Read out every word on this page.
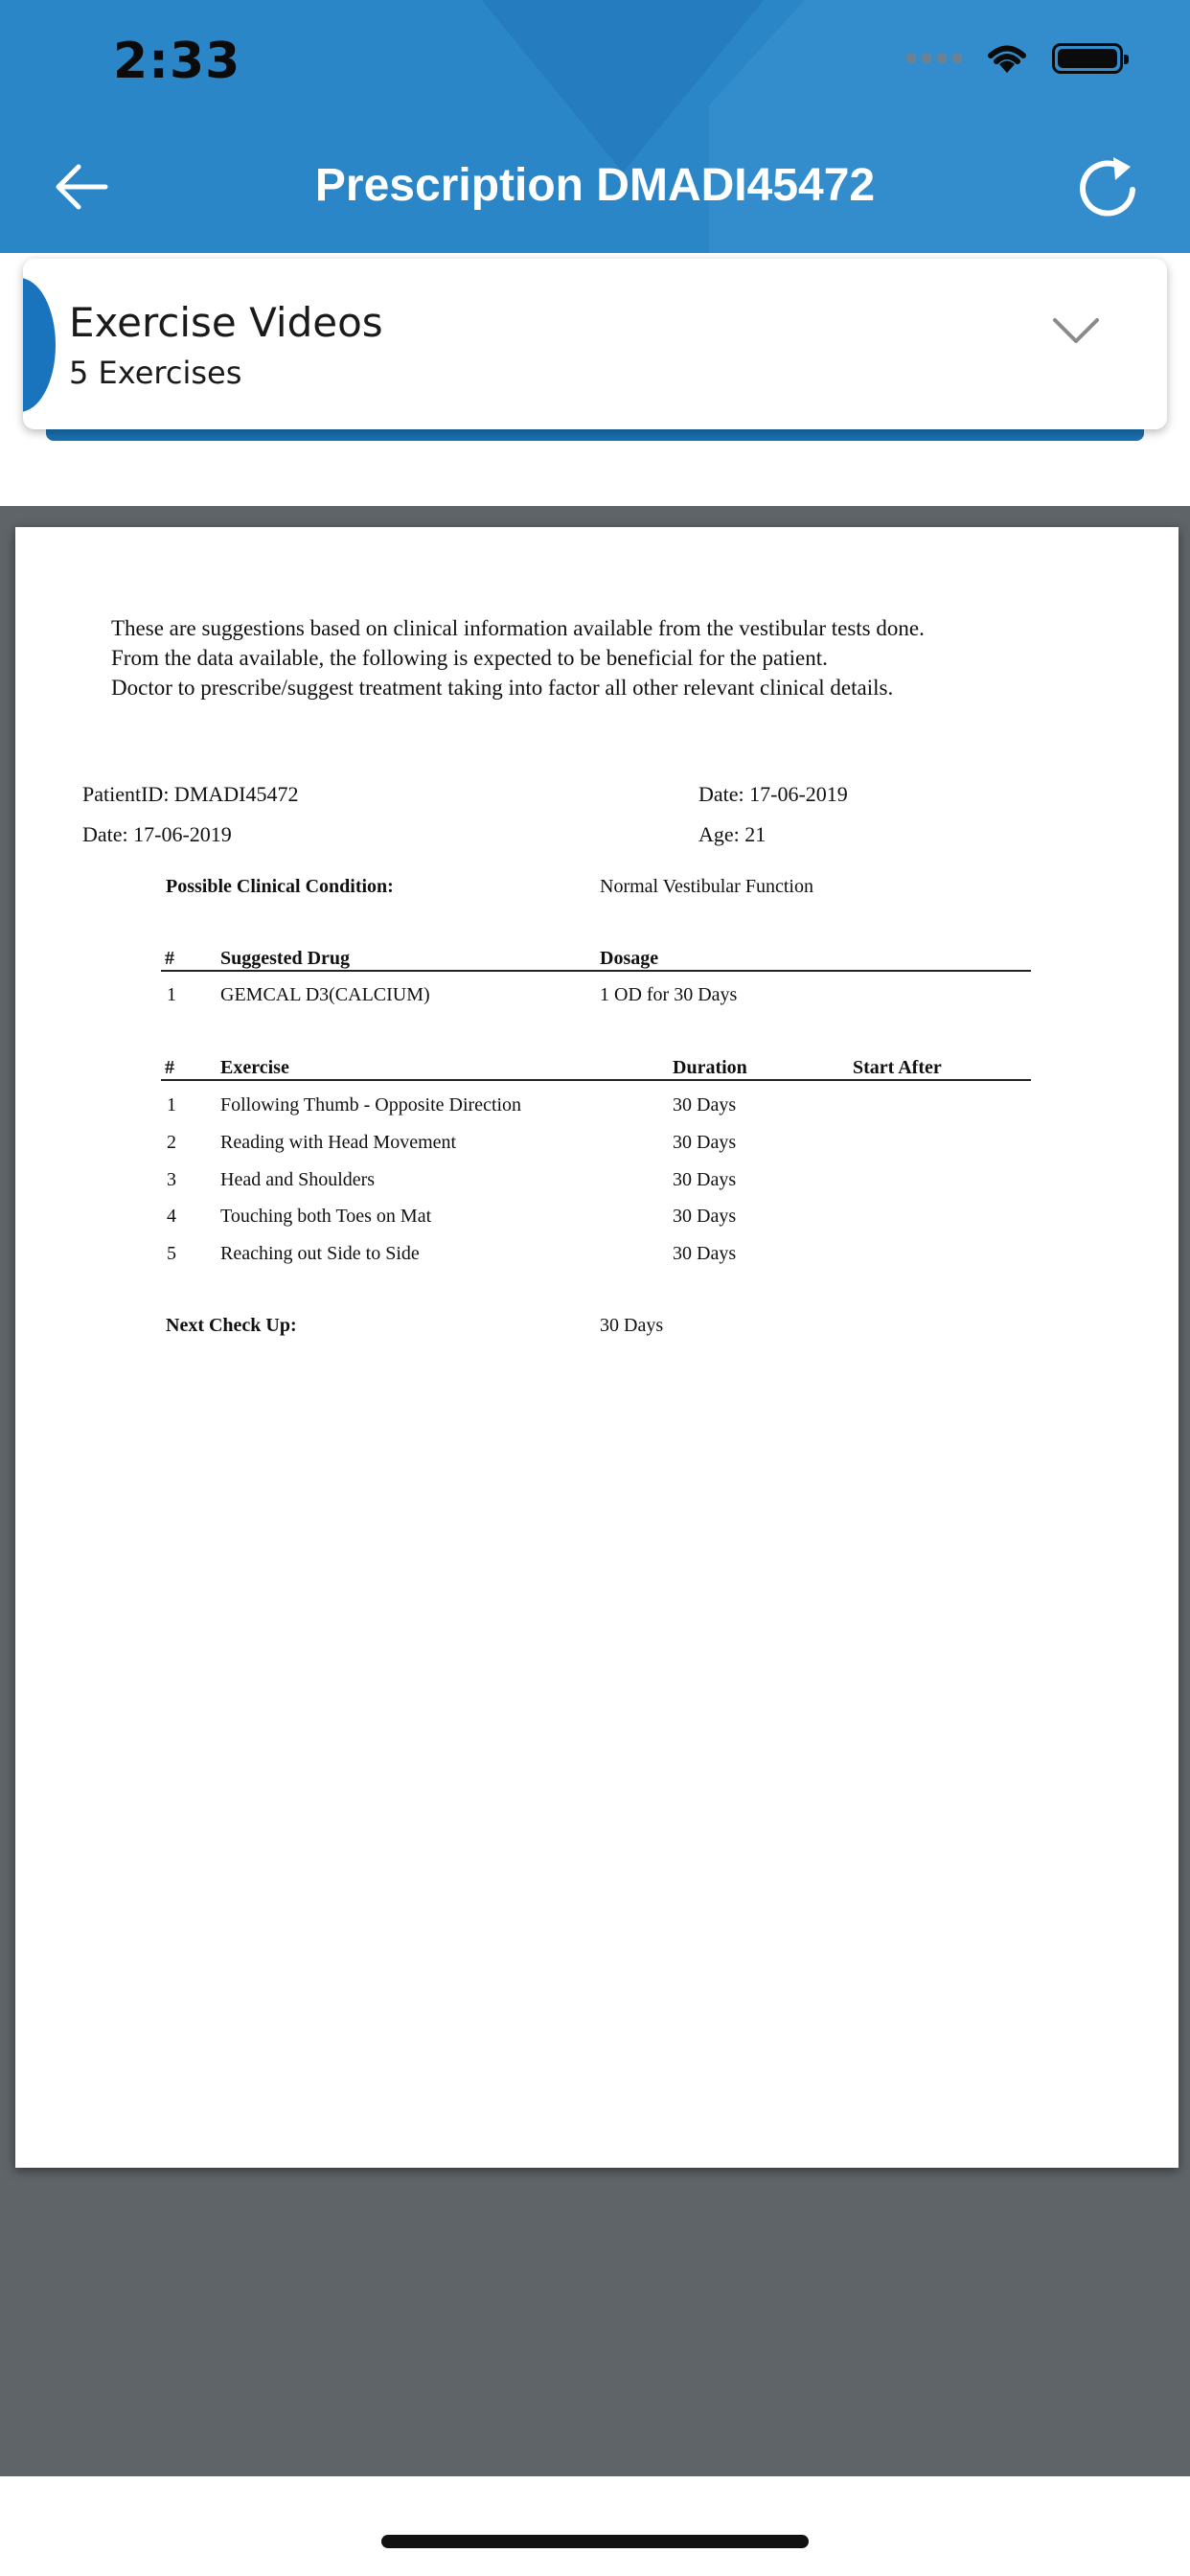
2:33
Prescription DMADI45472
Exercise Videos
5 Exercises
These are suggestions based on clinical information available from the vestibular tests done.
From the data available, the following is expected to be beneficial for the patient.
Doctor to prescribe/suggest treatment taking into factor all other relevant clinical details.
PatientID: DMADI45472	Date: 17-06-2019
Date: 17-06-2019	Age: 21
Possible Clinical Condition:	Normal Vestibular Function
# Suggested Drug	Dosage
1 GEMCAL D3(CALCIUM)	1 OD for 30 Days
# Exercise	Duration	Start After
1 Following Thumb - Opposite Direction	30 Days
2 Reading with Head Movement	30 Days
3 Head and Shoulders	30 Days
4 Touching both Toes on Mat	30 Days
5 Reaching out Side to Side	30 Days
Next Check Up:	30 Days
